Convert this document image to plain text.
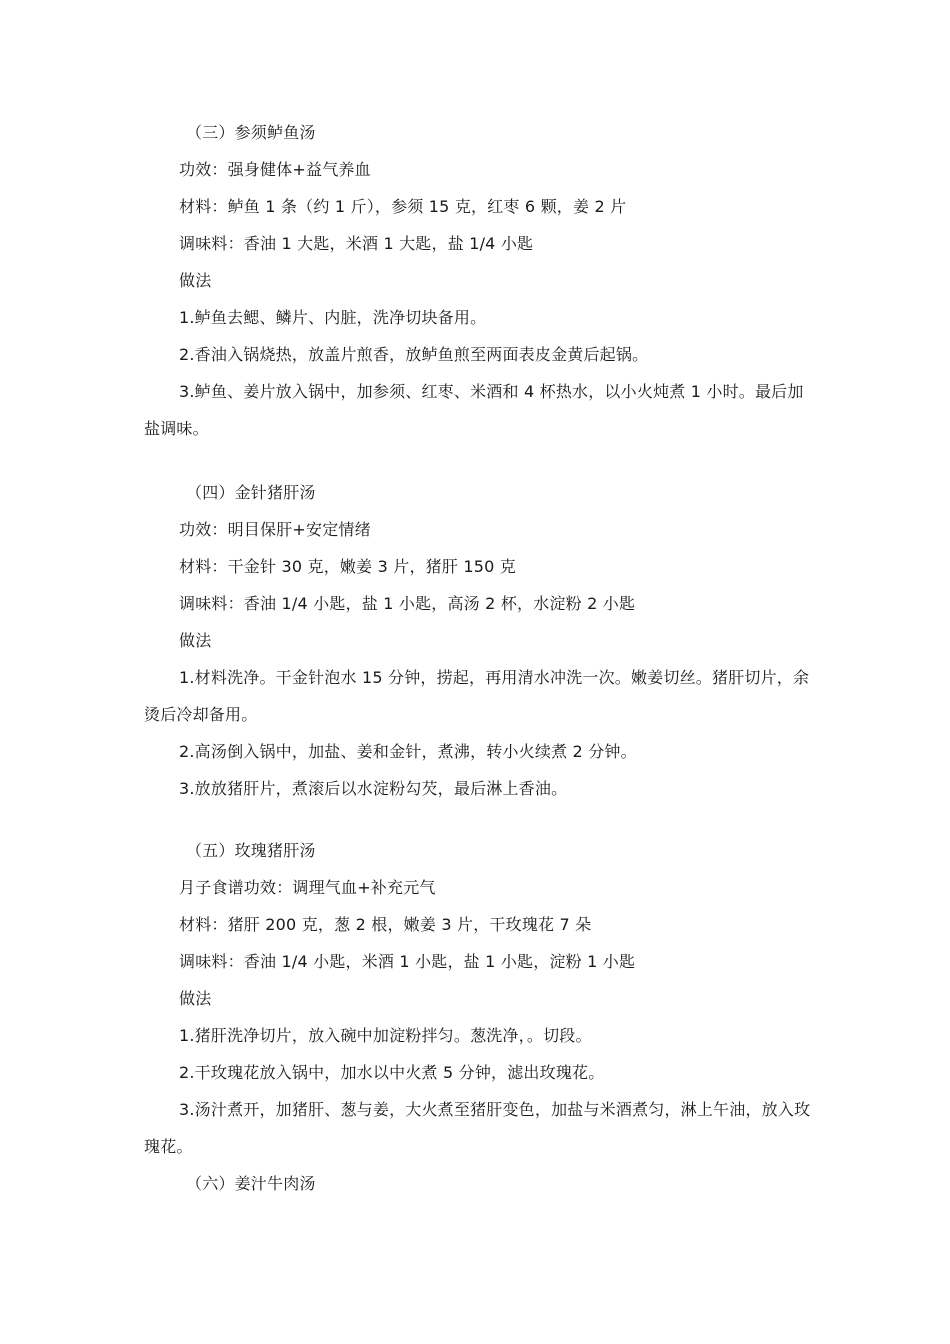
（三）参须鲈鱼汤
功效：强身健体+益气养血
材料：鲈鱼 1 条（约 1 斤），参须 15 克，红枣 6 颗，姜 2 片
调味料：香油 1 大匙，米酒 1 大匙，盐 1/4 小匙
做法
1.鲈鱼去鳃、鳞片、内脏，洗净切块备用。
2.香油入锅烧热，放盖片煎香，放鲈鱼煎至两面表皮金黄后起锅。
3.鲈鱼、姜片放入锅中，加参须、红枣、米酒和 4 杯热水，以小火炖煮 1 小时。最后加盐调味。
（四）金针猪肝汤
功效：明目保肝+安定情绪
材料：干金针 30 克，嫩姜 3 片，猪肝 150 克
调味料：香油 1/4 小匙，盐 1 小匙，高汤 2 杯，水淀粉 2 小匙
做法
1.材料洗净。干金针泡水 15 分钟，捞起，再用清水冲洗一次。嫩姜切丝。猪肝切片，余烫后冷却备用。
2.高汤倒入锅中，加盐、姜和金针，煮沸，转小火续煮 2 分钟。
3.放放猪肝片，煮滚后以水淀粉勾芡，最后淋上香油。
（五）玫瑰猪肝汤
月子食谱功效：调理气血+补充元气
材料：猪肝 200 克，葱 2 根，嫩姜 3 片，干玫瑰花 7 朵
调味料：香油 1/4 小匙，米酒 1 小匙，盐 1 小匙，淀粉 1 小匙
做法
1.猪肝洗净切片，放入碗中加淀粉拌匀。葱洗净，。切段。
2.干玫瑰花放入锅中，加水以中火煮 5 分钟，滤出玫瑰花。
3.汤汁煮开，加猪肝、葱与姜，大火煮至猪肝变色，加盐与米酒煮匀，淋上午油，放入玫瑰花。
（六）姜汁牛肉汤
